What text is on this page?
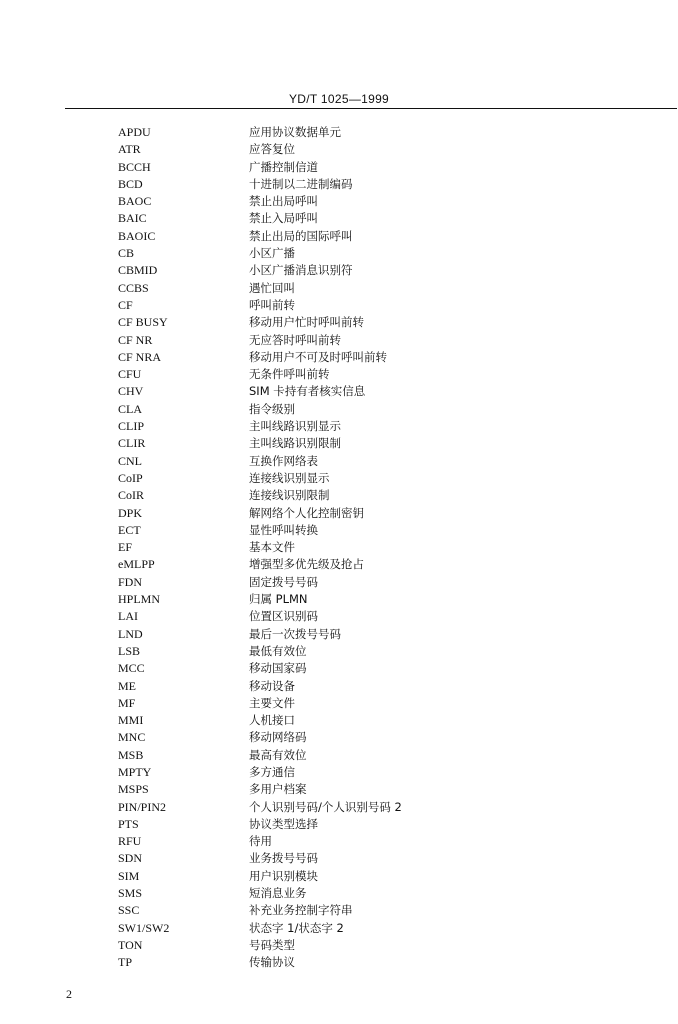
YD/T 1025—1999
APDU	应用协议数据单元
ATR	应答复位
BCCH	广播控制信道
BCD	十进制以二进制编码
BAOC	禁止出局呼叫
BAIC	禁止入局呼叫
BAOIC	禁止出局的国际呼叫
CB	小区广播
CBMID	小区广播消息识别符
CCBS	遇忙回叫
CF	呼叫前转
CF BUSY	移动用户忙时呼叫前转
CF NR	无应答时呼叫前转
CF NRA	移动用户不可及时呼叫前转
CFU	无条件呼叫前转
CHV	SIM 卡持有者核实信息
CLA	指令级别
CLIP	主叫线路识别显示
CLIR	主叫线路识别限制
CNL	互换作网络表
CoIP	连接线识别显示
CoIR	连接线识别限制
DPK	解网络个人化控制密钥
ECT	显性呼叫转换
EF	基本文件
eMLPP	增强型多优先级及抢占
FDN	固定拨号号码
HPLMN	归属 PLMN
LAI	位置区识别码
LND	最后一次拨号号码
LSB	最低有效位
MCC	移动国家码
ME	移动设备
MF	主要文件
MMI	人机接口
MNC	移动网络码
MSB	最高有效位
MPTY	多方通信
MSPS	多用户档案
PIN/PIN2	个人识别号码/个人识别号码 2
PTS	协议类型选择
RFU	待用
SDN	业务拨号号码
SIM	用户识别模块
SMS	短消息业务
SSC	补充业务控制字符串
SW1/SW2	状态字 1/状态字 2
TON	号码类型
TP	传输协议
2
